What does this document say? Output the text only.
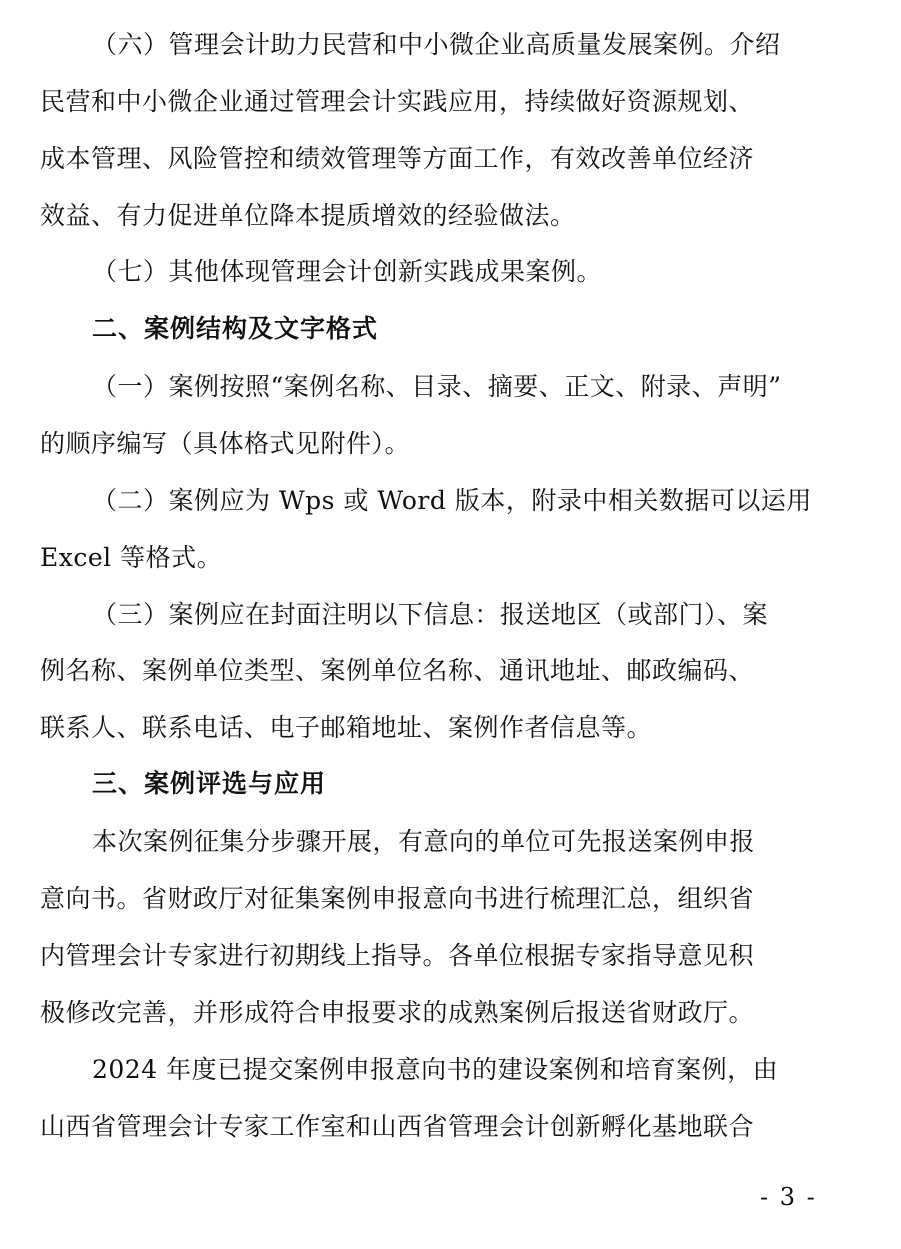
（六）管理会计助力民营和中小微企业高质量发展案例。介绍
民营和中小微企业通过管理会计实践应用，持续做好资源规划、
成本管理、风险管控和绩效管理等方面工作，有效改善单位经济
效益、有力促进单位降本提质增效的经验做法。
（七）其他体现管理会计创新实践成果案例。
二、案例结构及文字格式
（一）案例按照“案例名称、目录、摘要、正文、附录、声明”
的顺序编写（具体格式见附件）。
（二）案例应为 Wps 或 Word 版本，附录中相关数据可以运用
Excel 等格式。
（三）案例应在封面注明以下信息：报送地区（或部门）、案
例名称、案例单位类型、案例单位名称、通讯地址、邮政编码、
联系人、联系电话、电子邮箱地址、案例作者信息等。
三、案例评选与应用
本次案例征集分步骤开展，有意向的单位可先报送案例申报
意向书。省财政厅对征集案例申报意向书进行梳理汇总，组织省
内管理会计专家进行初期线上指导。各单位根据专家指导意见积
极修改完善，并形成符合申报要求的成熟案例后报送省财政厅。
2024 年度已提交案例申报意向书的建设案例和培育案例，由
山西省管理会计专家工作室和山西省管理会计创新孵化基地联合
- 3 -
